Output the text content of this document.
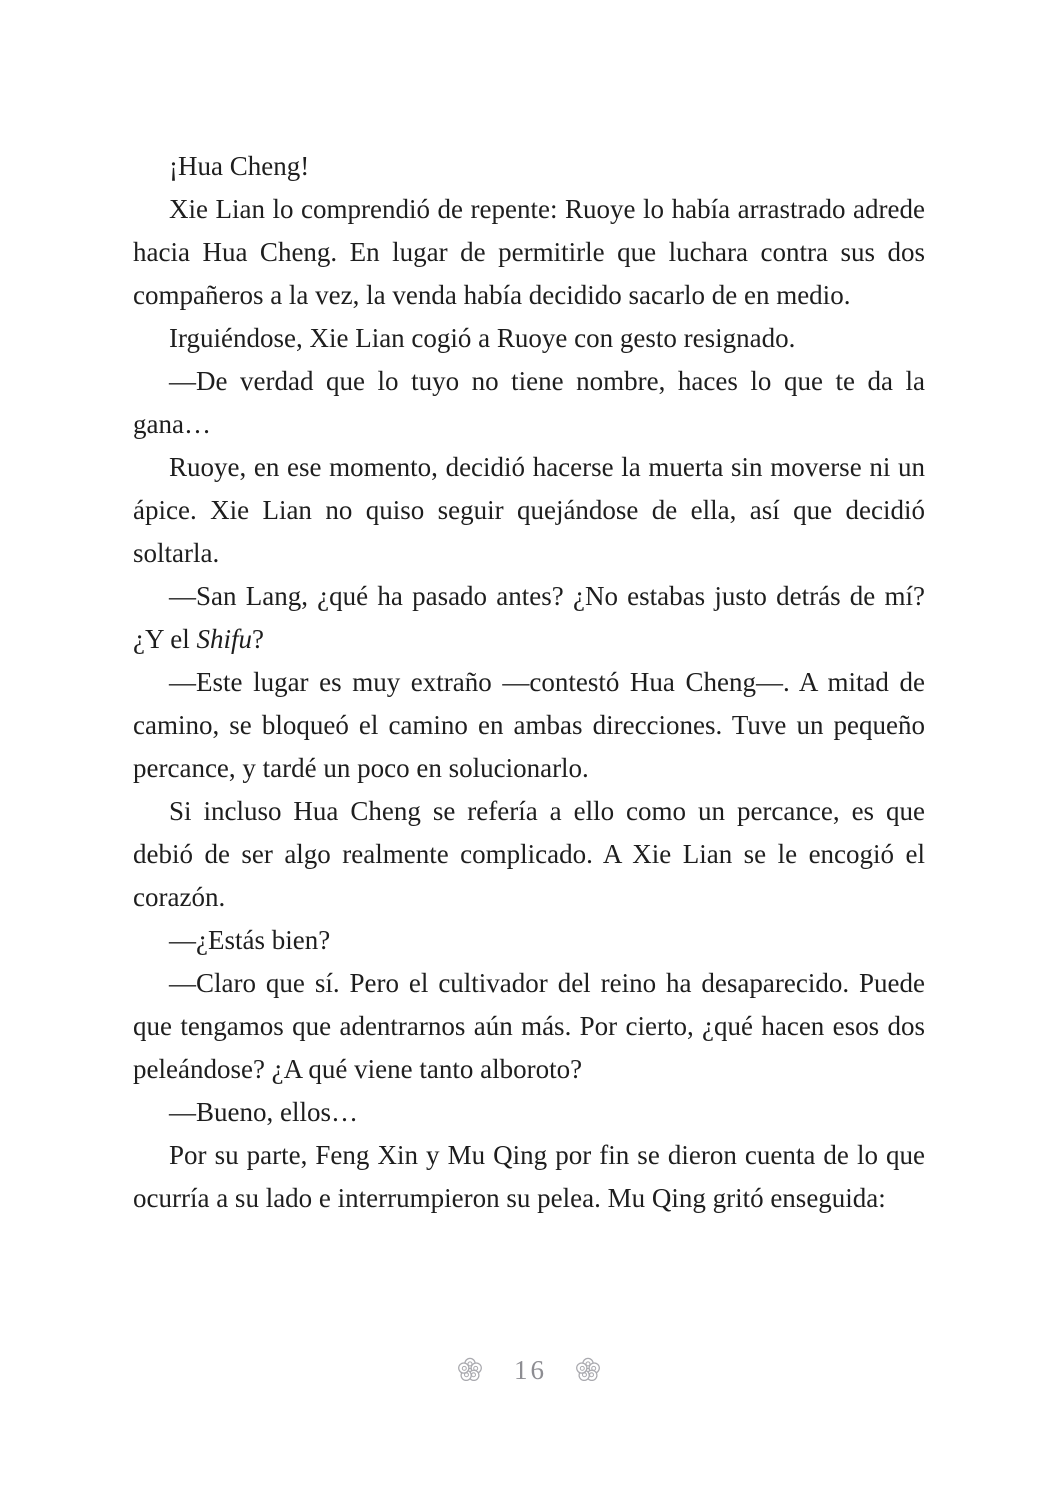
¡Hua Cheng!

Xie Lian lo comprendió de repente: Ruoye lo había arrastrado adrede hacia Hua Cheng. En lugar de permitirle que luchara contra sus dos compañeros a la vez, la venda había decidido sacarlo de en medio.

Irguiéndose, Xie Lian cogió a Ruoye con gesto resignado.

—De verdad que lo tuyo no tiene nombre, haces lo que te da la gana…

Ruoye, en ese momento, decidió hacerse la muerta sin moverse ni un ápice. Xie Lian no quiso seguir quejándose de ella, así que decidió soltarla.

—San Lang, ¿qué ha pasado antes? ¿No estabas justo detrás de mí? ¿Y el Shifu?

—Este lugar es muy extraño —contestó Hua Cheng—. A mitad de camino, se bloqueó el camino en ambas direcciones. Tuve un pequeño percance, y tardé un poco en solucionarlo.

Si incluso Hua Cheng se refería a ello como un percance, es que debió de ser algo realmente complicado. A Xie Lian se le encogió el corazón.

—¿Estás bien?

—Claro que sí. Pero el cultivador del reino ha desaparecido. Puede que tengamos que adentrarnos aún más. Por cierto, ¿qué hacen esos dos peleándose? ¿A qué viene tanto alboroto?

—Bueno, ellos…

Por su parte, Feng Xin y Mu Qing por fin se dieron cuenta de lo que ocurría a su lado e interrumpieron su pelea. Mu Qing gritó enseguida:

16
